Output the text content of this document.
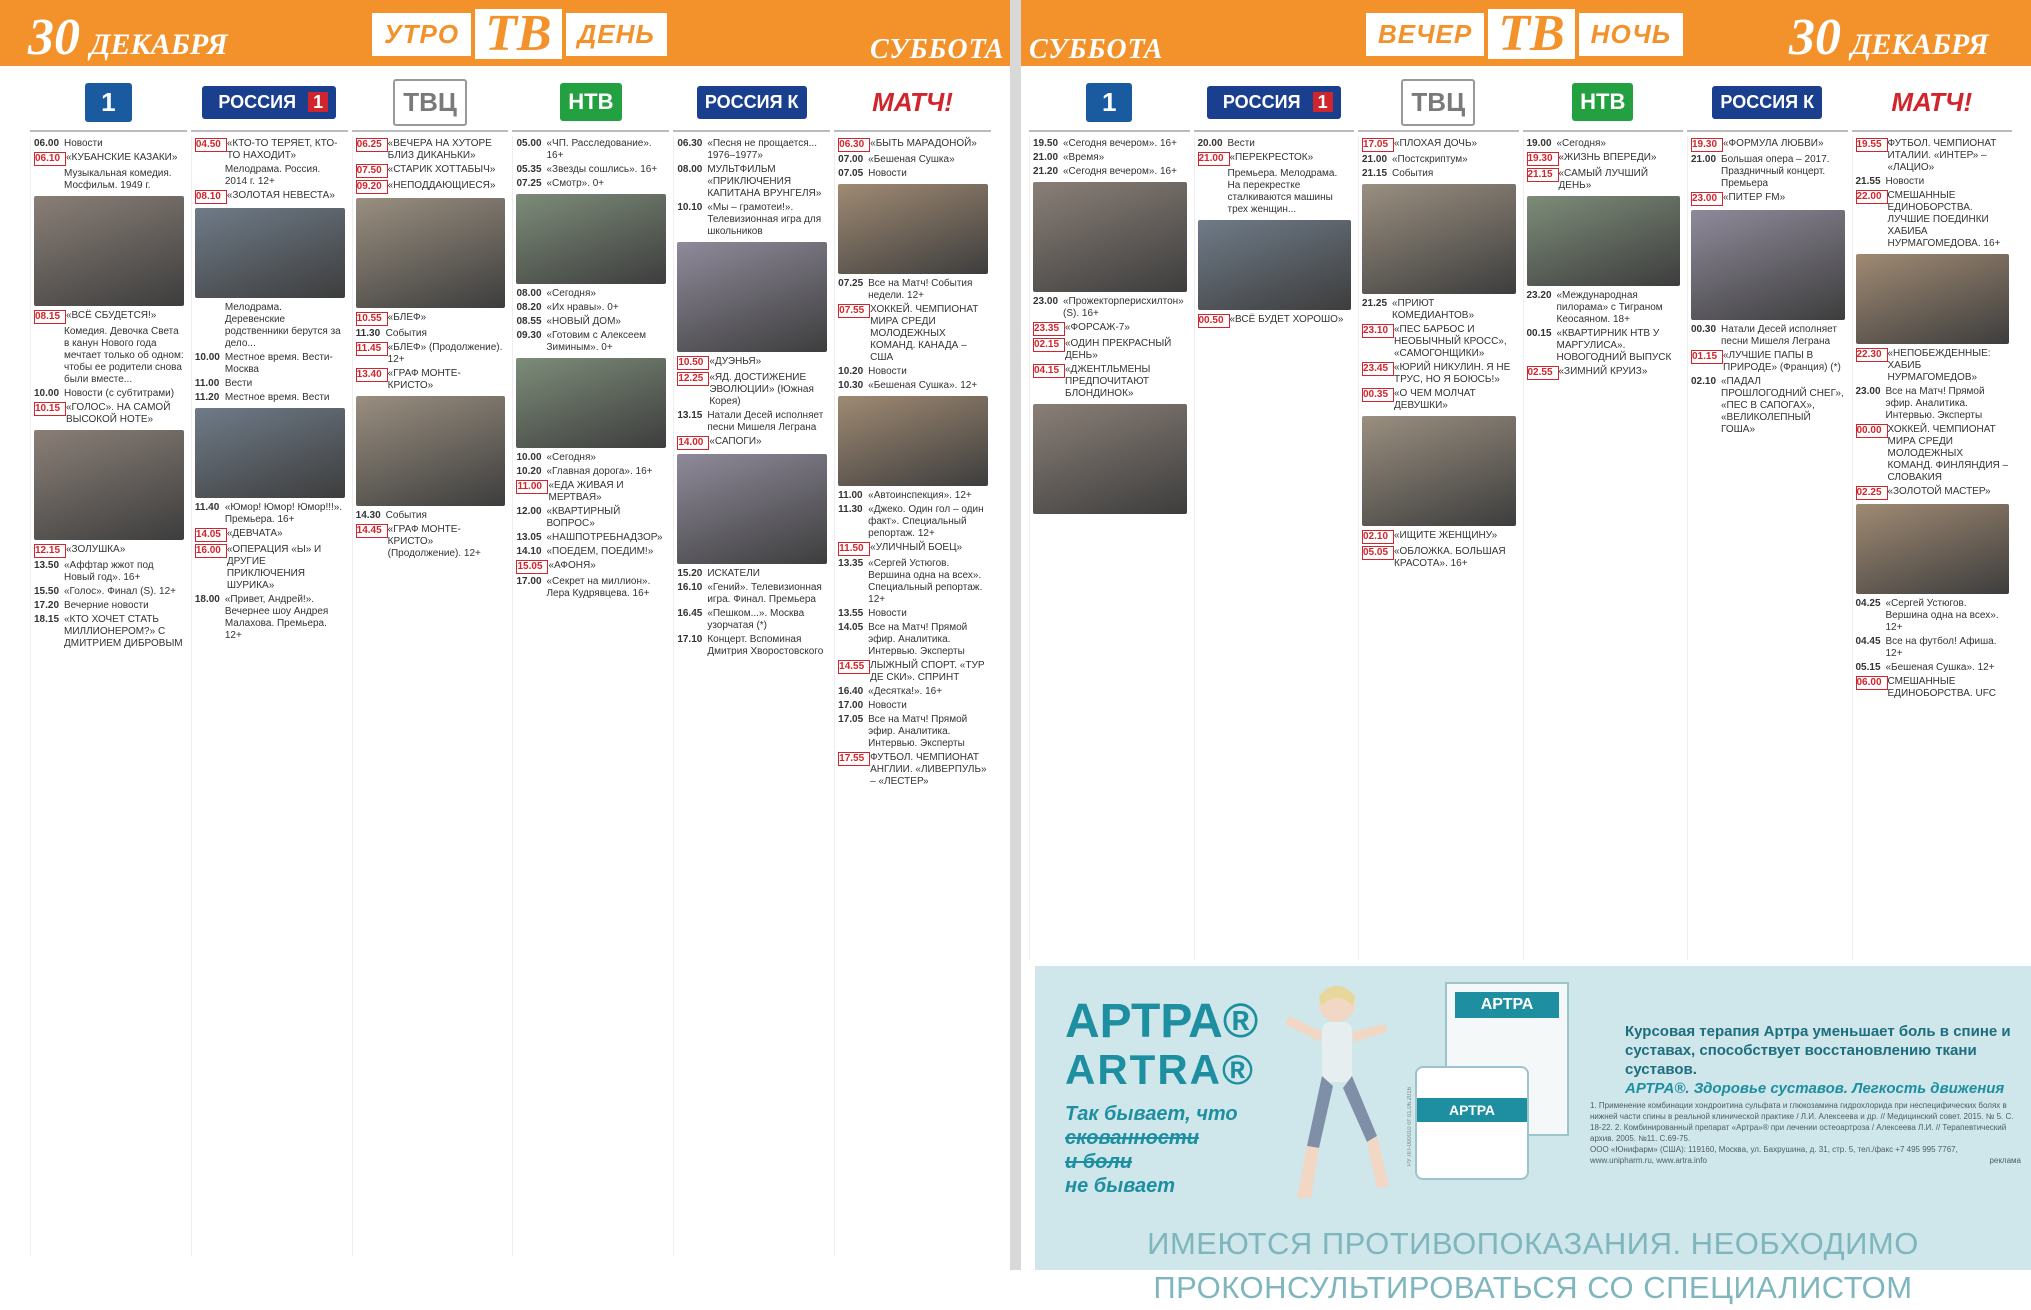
30 ДЕКАБРЯ	УТРО ТВ	ДЕНЬ
СУББОТА
1	РОССИЯ 1	ТВЦ	НТВ	РОССИЯ К	МАТЧ!
06.00 Новости
06.10 «КУБАНСКИЕ КАЗАКИ»
Музыкальная комедия. Мосфильм. 1949 г.
08.15 «ВСЁ СБУДЕТСЯ!»
Комедия. Девочка Света в канун Нового года мечтает только об одном: чтобы ее родители снова были вместе...
10.00 Новости (с субтитрами)
10.15 «ГОЛОС». НА САМОЙ ВЫСОКОЙ НОТЕ»
12.15 «ЗОЛУШКА»
13.50 «Аффтар жжот под Новый год». 16+
15.50 «Голос». Финал (S). 12+
17.20 Вечерние новости
18.15 «КТО ХОЧЕТ СТАТЬ МИЛЛИОНЕРОМ?» С ДМИТРИЕМ ДИБРОВЫМ
04.50 «КТО-ТО ТЕРЯЕТ, КТО-ТО НАХОДИТ»
Мелодрама. Россия. 2014 г. 12+
08.10 «ЗОЛОТАЯ НЕВЕСТА»
Мелодрама. Деревенские родственники берутся за дело...
10.00 Местное время. Вести-Москва
11.00 Вести
11.20 Местное время. Вести
11.40 «Юмор! Юмор! Юмор!!!». Премьера. 16+
14.05 «ДЕВЧАТА»
16.00 «ОПЕРАЦИЯ «Ы» И ДРУГИЕ ПРИКЛЮЧЕНИЯ ШУРИКА»
18.00 «Привет, Андрей!». Вечернее шоу Андрея Малахова. Премьера. 12+
06.25 «ВЕЧЕРА НА ХУТОРЕ БЛИЗ ДИКАНЬКИ»
07.50 «СТАРИК ХОТТАБЫЧ»
09.20 «НЕПОДДАЮЩИЕСЯ»
10.55 «БЛЕФ»
11.30 События
11.45 «БЛЕФ» (Продолжение). 12+
13.40 «ГРАФ МОНТЕ-КРИСТО»
14.30 События
14.45 «ГРАФ МОНТЕ-КРИСТО» (Продолжение). 12+
05.00 «ЧП. Расследование». 16+
05.35 «Звезды сошлись». 16+
07.25 «Смотр». 0+
08.00 «Сегодня»
08.20 «Их нравы». 0+
08.55 «НОВЫЙ ДОМ»
09.30 «Готовим с Алексеем Зиминым». 0+
10.00 «Сегодня»
10.20 «Главная дорога». 16+
11.00 «ЕДА ЖИВАЯ И МЕРТВАЯ»
12.00 «КВАРТИРНЫЙ ВОПРОС»
13.05 «НАШПОТРЕБНАДЗОР»
14.10 «ПОЕДЕМ, ПОЕДИМ!»
15.05 «АФОНЯ»
17.00 «Секрет на миллион». Лера Кудрявцева. 16+
06.30 «Песня не прощается... 1976–1977»
08.00 МУЛЬТФИЛЬМ «ПРИКЛЮЧЕНИЯ КАПИТАНА ВРУНГЕЛЯ»
10.10 «Мы – грамотеи!». Телевизионная игра для школьников
10.50 «ДУЭНЬЯ»
12.25 «ЯД. ДОСТИЖЕНИЕ ЭВОЛЮЦИИ» (Южная Корея)
13.15 Натали Десей исполняет песни Мишеля Леграна
14.00 «САПОГИ»
15.20 ИСКАТЕЛИ
16.10 «Гений». Телевизионная игра. Финал. Премьера
16.45 «Пешком...». Москва узорчатая (*)
17.10 Концерт. Вспоминая Дмитрия Хворостовского
06.30 «БЫТЬ МАРАДОНОЙ»
07.00 «Бешеная Сушка»
07.05 Новости
07.25 Все на Матч! События недели. 12+
07.55 ХОККЕЙ. ЧЕМПИОНАТ МИРА СРЕДИ МОЛОДЕЖНЫХ КОМАНД. КАНАДА – США
10.20 Новости
10.30 «Бешеная Сушка». 12+
11.00 «Автоинспекция». 12+
11.30 «Джеко. Один гол – один факт». Специальный репортаж. 12+
11.50 «УЛИЧНЫЙ БОЕЦ»
13.35 «Сергей Устюгов. Вершина одна на всех». Специальный репортаж. 12+
13.55 Новости
14.05 Все на Матч! Прямой эфир. Аналитика. Интервью. Эксперты
14.55 ЛЫЖНЫЙ СПОРТ. «ТУР ДЕ СКИ». СПРИНТ
16.40 «Десятка!». 16+
17.00 Новости
17.05 Все на Матч! Прямой эфир. Аналитика. Интервью. Эксперты
17.55 ФУТБОЛ. ЧЕМПИОНАТ АНГЛИИ. «ЛИВЕРПУЛЬ» – «ЛЕСТЕР»
СУББОТА
ВЕЧЕР ТВ	НОЧЬ 30 ДЕКАБРЯ
1	РОССИЯ 1	ТВЦ	НТВ	РОССИЯ К	МАТЧ!
19.50 «Сегодня вечером». 16+
21.00 «Время»
21.20 «Сегодня вечером». 16+
23.00 «Прожекторперисхилтон» (S). 16+
23.35 «ФОРСАЖ-7»
02.15 «ОДИН ПРЕКРАСНЫЙ ДЕНЬ»
04.15 «ДЖЕНТЛЬМЕНЫ ПРЕДПОЧИТАЮТ БЛОНДИНОК»
20.00 Вести
21.00 «ПЕРЕКРЕСТОК»
Премьера. Мелодрама. На перекрестке сталкиваются машины трех женщин...
00.50 «ВСЁ БУДЕТ ХОРОШО»
17.05 «ПЛОХАЯ ДОЧЬ»
21.00 «Постскриптум»
21.15 События
21.25 «ПРИЮТ КОМЕДИАНТОВ»
23.10 «ПЕС БАРБОС И НЕОБЫЧНЫЙ КРОСС», «САМОГОНЩИКИ»
23.45 «ЮРИЙ НИКУЛИН. Я НЕ ТРУС, НО Я БОЮСЬ!»
00.35 «О ЧЕМ МОЛЧАТ ДЕВУШКИ»
02.10 «ИЩИТЕ ЖЕНЩИНУ»
05.05 «ОБЛОЖКА. БОЛЬШАЯ КРАСОТА». 16+
19.00 «Сегодня»
19.30 «ЖИЗНЬ ВПЕРЕДИ»
21.15 «САМЫЙ ЛУЧШИЙ ДЕНЬ»
23.20 «Международная пилорама» с Тиграном Кеосаяном. 18+
00.15 «КВАРТИРНИК НТВ У МАРГУЛИСА». НОВОГОДНИЙ ВЫПУСК
02.55 «ЗИМНИЙ КРУИЗ»
19.30 «ФОРМУЛА ЛЮБВИ»
21.00 Большая опера – 2017. Праздничный концерт. Премьера
23.00 «ПИТЕР FM»
00.30 Натали Десей исполняет песни Мишеля Леграна
01.15 «ЛУЧШИЕ ПАПЫ В ПРИРОДЕ» (Франция) (*)
02.10 «ПАДАЛ ПРОШЛОГОДНИЙ СНЕГ», «ПЕС В САПОГАХ», «ВЕЛИКОЛЕПНЫЙ ГОША»
19.55 ФУТБОЛ. ЧЕМПИОНАТ ИТАЛИИ. «ИНТЕР» – «ЛАЦИО»
21.55 Новости
22.00 СМЕШАННЫЕ ЕДИНОБОРСТВА. ЛУЧШИЕ ПОЕДИНКИ ХАБИБА НУРМАГОМЕДОВА. 16+
22.30 «НЕПОБЕЖДЕННЫЕ: ХАБИБ НУРМАГОМЕДОВ»
23.00 Все на Матч! Прямой эфир. Аналитика. Интервью. Эксперты
00.00 ХОККЕЙ. ЧЕМПИОНАТ МИРА СРЕДИ МОЛОДЕЖНЫХ КОМАНД. ФИНЛЯНДИЯ – СЛОВАКИЯ
02.25 «ЗОЛОТОЙ МАСТЕР»
04.25 «Сергей Устюгов. Вершина одна на всех». 12+
04.45 Все на футбол! Афиша. 12+
05.15 «Бешеная Сушка». 12+
06.00 СМЕШАННЫЕ ЕДИНОБОРСТВА. UFC
АРТРА®
ARTRA®
Так бывает, что
скованности
и боли
не бывает
РУ ЛП-000010 от 01.06.2016
АРТРА
АРТРА
Курсовая терапия Артра уменьшает боль в спине и суставах, способствует восстановлению ткани суставов.
АРТРА®. Здоровье суставов. Легкость движения
1. Применение комбинации хондроитина сульфата и глюкозамина гидрохлорида при неспецифических болях в нижней части спины в реальной клинической практике / Л.И. Алексеева и др. // Медицинский совет. 2015. № 5. С. 18-22. 2. Комбинированный препарат «Артра»® при лечении остеоартроза / Алексеева Л.И. // Терапевтический архив. 2005. №11. С.69-75.
ООО «Юнифарм» (США): 119160, Москва, ул. Бахрушина, д. 31, стр. 5, тел./факс +7 495 995 7767, www.unipharm.ru, www.artra.info	реклама
ИМЕЮТСЯ ПРОТИВОПОКАЗАНИЯ. НЕОБХОДИМО ПРОКОНСУЛЬТИРОВАТЬСЯ СО СПЕЦИАЛИСТОМ
